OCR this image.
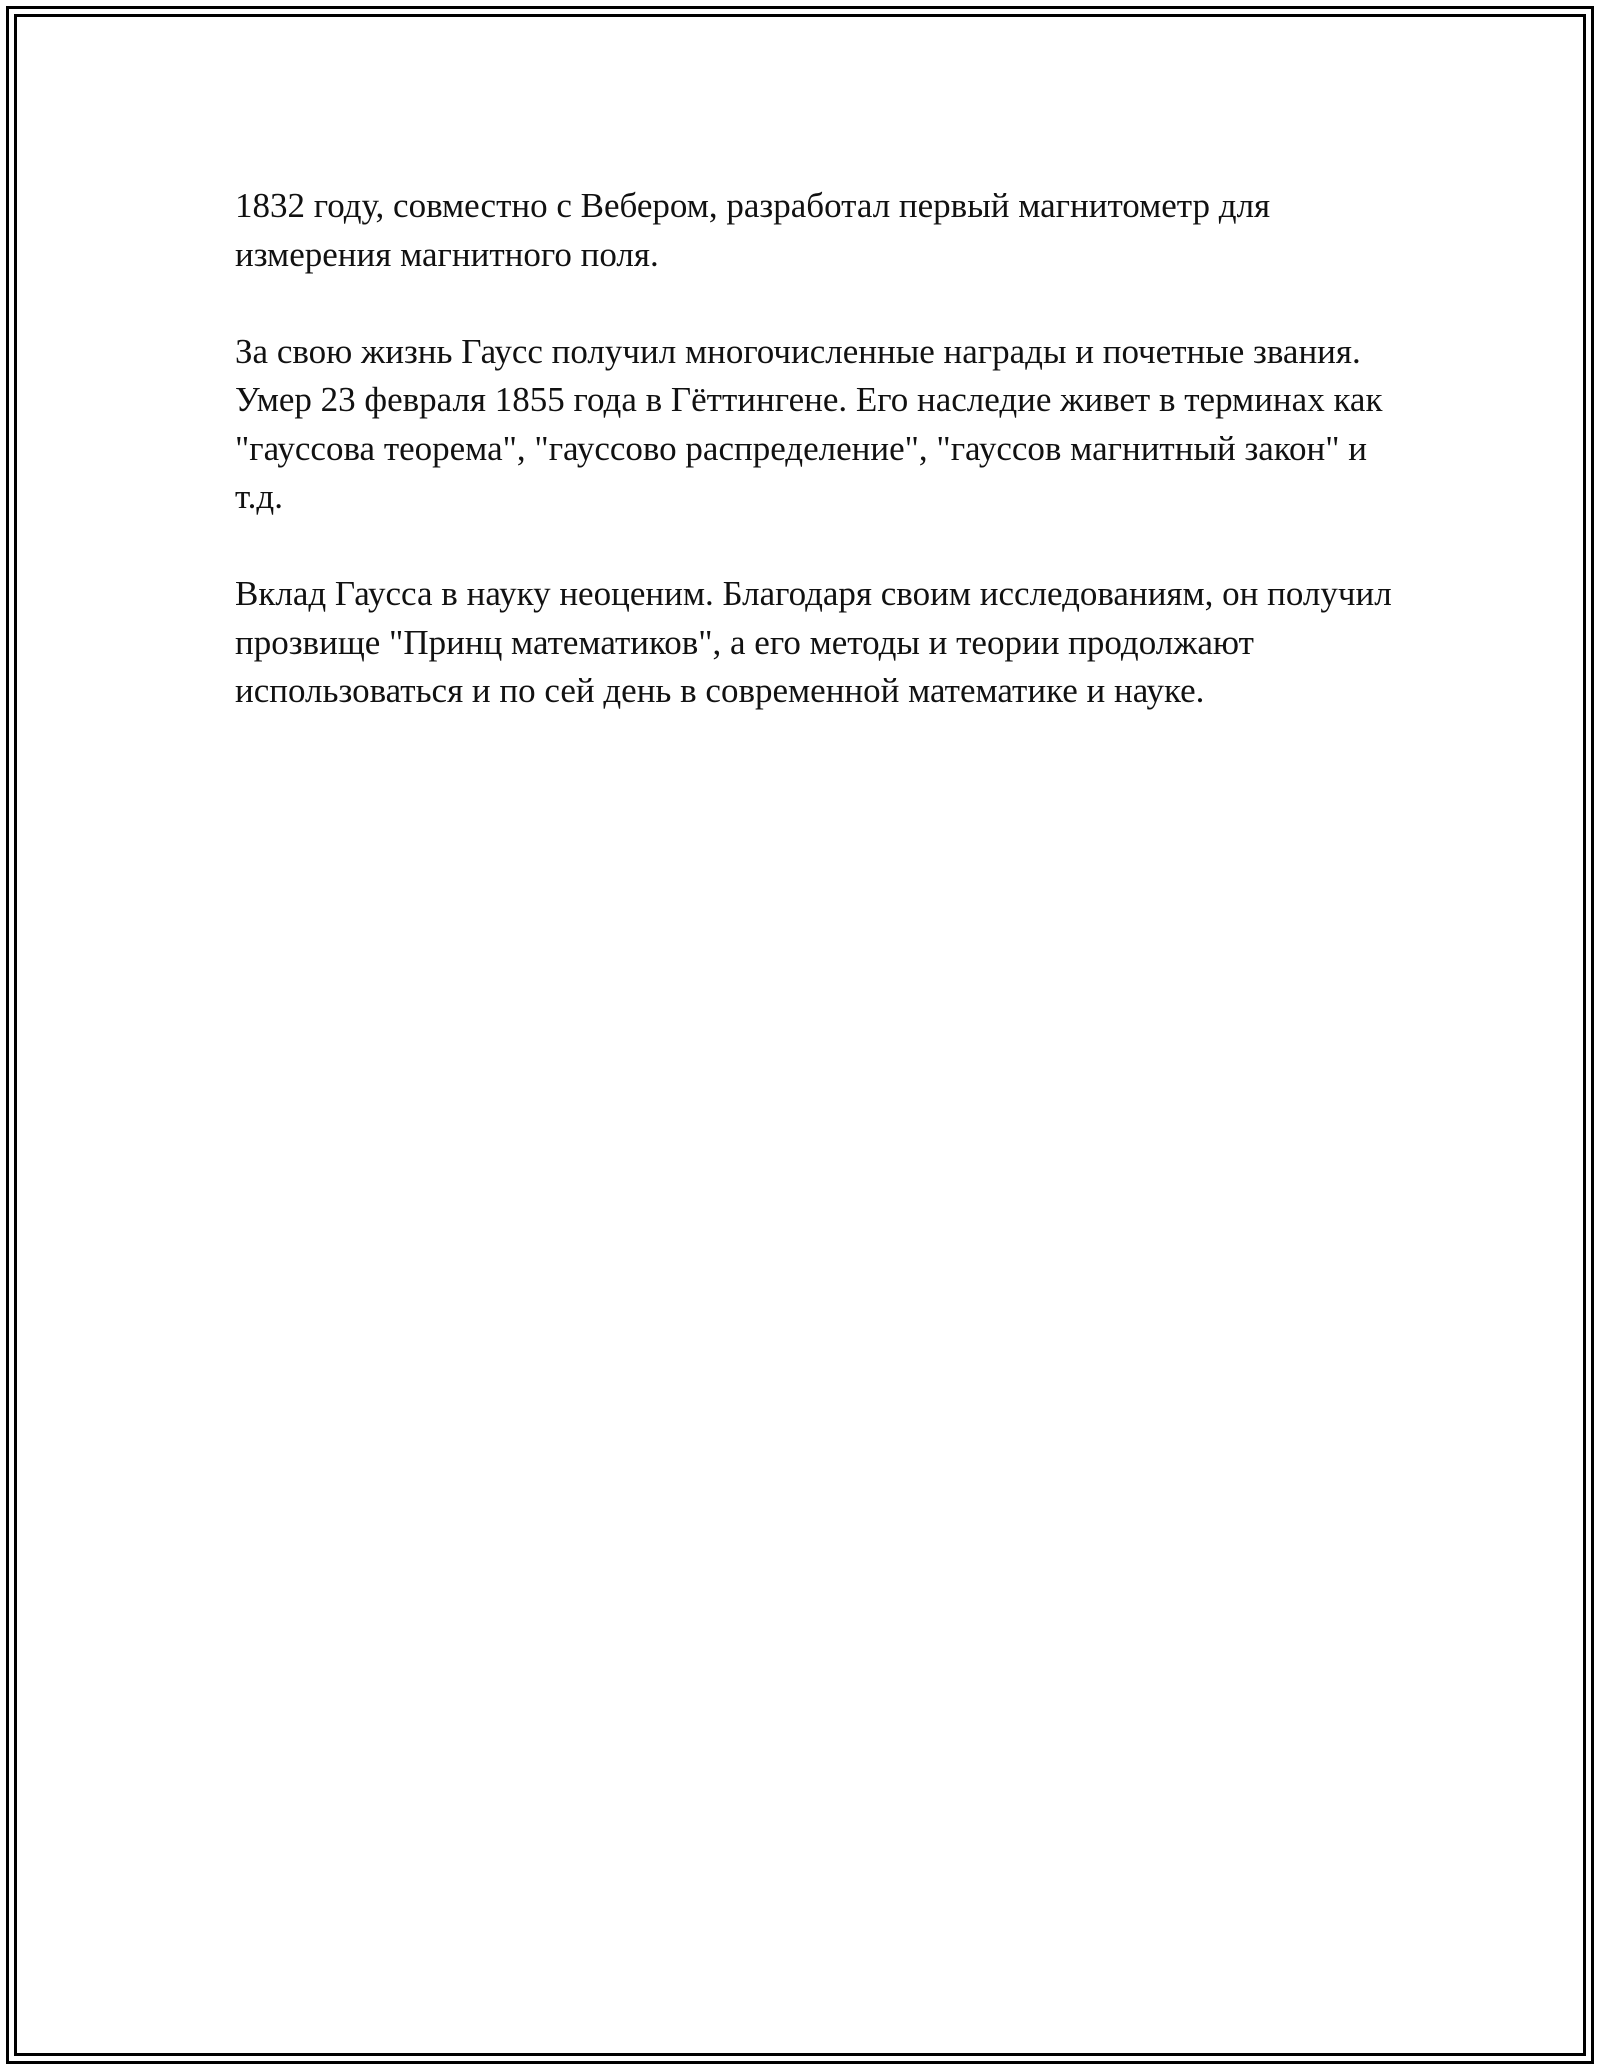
1832 году, совместно с Вебером, разработал первый магнитометр для измерения магнитного поля.

За свою жизнь Гаусс получил многочисленные награды и почетные звания. Умер 23 февраля 1855 года в Гёттингене. Его наследие живет в терминах как "гауссова теорема", "гауссово распределение", "гауссов магнитный закон" и т.д.

Вклад Гаусса в науку неоценим. Благодаря своим исследованиям, он получил прозвище "Принц математиков", а его методы и теории продолжают использоваться и по сей день в современной математике и науке.
